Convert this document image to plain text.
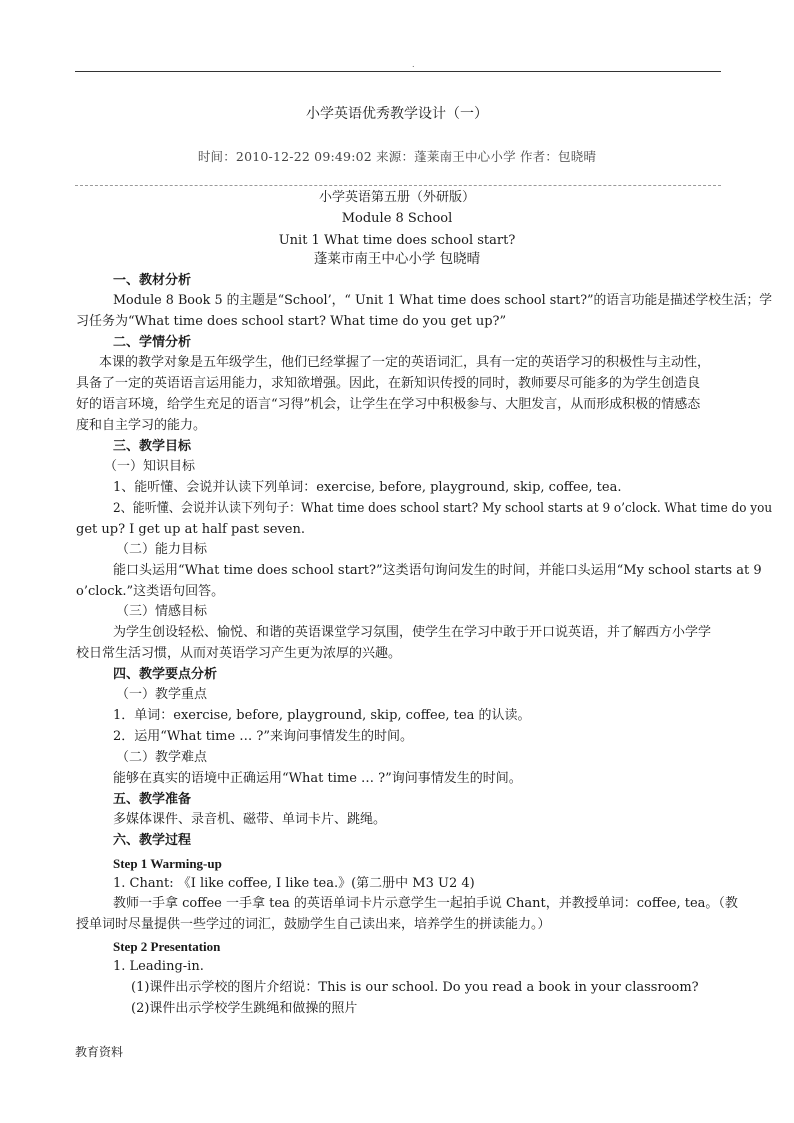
.
小学英语优秀教学设计（一）
时间：2010-12-22 09:49:02 来源：蓬莱南王中心小学 作者：包晓晴
小学英语第五册（外研版）
Module 8 School
Unit 1 What time does school start?
蓬莱市南王中心小学 包晓晴
一、教材分析
Module 8 Book 5 的主题是“School’，“ Unit 1 What time does school start?”的语言功能是描述学校生活；学
习任务为“What time does school start? What time do you get up?”
二、学情分析
本课的教学对象是五年级学生，他们已经掌握了一定的英语词汇，具有一定的英语学习的积极性与主动性，
具备了一定的英语语言运用能力，求知欲增强。因此，在新知识传授的同时，教师要尽可能多的为学生创造良
好的语言环境，给学生充足的语言“习得”机会，让学生在学习中积极参与、大胆发言，从而形成积极的情感态
度和自主学习的能力。
三、教学目标
（一）知识目标
1、能听懂、会说并认读下列单词：exercise, before, playground, skip, coffee, tea.
2、能听懂、会说并认读下列句子：What time does school start? My school starts at 9 o’clock. What time do you
get up? I get up at half past seven.
（二）能力目标
能口头运用“What time does school start?”这类语句询问发生的时间，并能口头运用“My school starts at 9
o’clock.”这类语句回答。
（三）情感目标
为学生创设轻松、愉悦、和谐的英语课堂学习氛围，使学生在学习中敢于开口说英语，并了解西方小学学
校日常生活习惯，从而对英语学习产生更为浓厚的兴趣。
四、教学要点分析
（一）教学重点
1．单词：exercise, before, playground, skip, coffee, tea 的认读。
2．运用“What time … ?”来询问事情发生的时间。
（二）教学难点
能够在真实的语境中正确运用“What time … ?”询问事情发生的时间。
五、教学准备
多媒体课件、录音机、磁带、单词卡片、跳绳。
六、教学过程
Step 1 Warming-up
1. Chant: 《I like coffee, I like tea.》(第二册中 M3 U2 4)
教师一手拿 coffee 一手拿 tea 的英语单词卡片示意学生一起拍手说 Chant，并教授单词：coffee, tea。（教
授单词时尽量提供一些学过的词汇，鼓励学生自己读出来，培养学生的拼读能力。）
Step 2 Presentation
1. Leading-in.
(1)课件出示学校的图片介绍说：This is our school. Do you read a book in your classroom?
(2)课件出示学校学生跳绳和做操的照片
教育资料
